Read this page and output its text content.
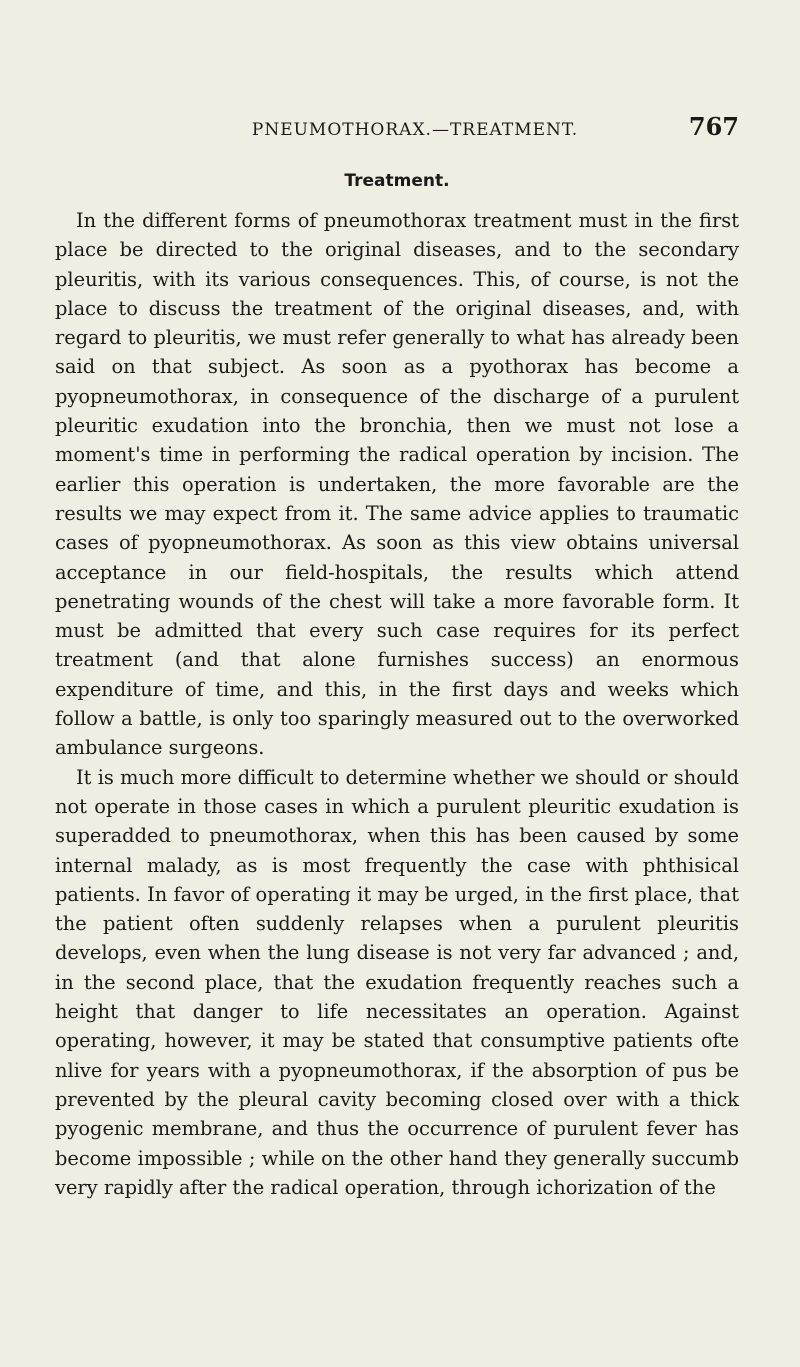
PNEUMOTHORAX.—TREATMENT.	767
Treatment.

In the different forms of pneumothorax treatment must in the first place be directed to the original diseases, and to the secondary pleuritis, with its various consequences. This, of course, is not the place to discuss the treatment of the original diseases, and, with regard to pleuritis, we must refer generally to what has already been said on that subject. As soon as a pyothorax has become a pyopneumothorax, in consequence of the discharge of a purulent pleuritic exudation into the bronchia, then we must not lose a moment's time in performing the radical operation by incision. The earlier this operation is undertaken, the more favorable are the results we may expect from it. The same advice applies to traumatic cases of pyopneumothorax. As soon as this view obtains universal acceptance in our field-hospitals, the results which attend penetrating wounds of the chest will take a more favorable form. It must be admitted that every such case requires for its perfect treatment (and that alone furnishes success) an enormous expenditure of time, and this, in the first days and weeks which follow a battle, is only too sparingly measured out to the overworked ambulance surgeons.

It is much more difficult to determine whether we should or should not operate in those cases in which a purulent pleuritic exudation is superadded to pneumothorax, when this has been caused by some internal malady, as is most frequently the case with phthisical patients. In favor of operating it may be urged, in the first place, that the patient often suddenly relapses when a purulent pleuritis develops, even when the lung disease is not very far advanced ; and, in the second place, that the exudation frequently reaches such a height that danger to life necessitates an operation. Against operating, however, it may be stated that consumptive patients ofte nlive for years with a pyopneumothorax, if the absorption of pus be prevented by the pleural cavity becoming closed over with a thick pyogenic membrane, and thus the occurrence of purulent fever has become impossible ; while on the other hand they generally succumb very rapidly after the radical operation, through ichorization of the
